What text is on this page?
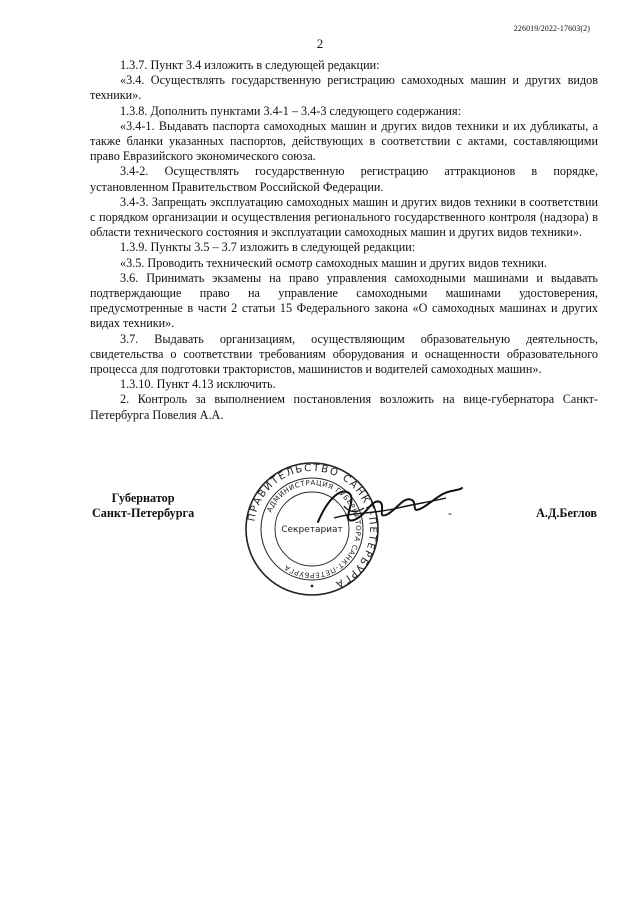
226019/2022-17603(2)
2

1.3.7. Пункт 3.4 изложить в следующей редакции:

«3.4. Осуществлять государственную регистрацию самоходных машин и других видов техники».

1.3.8. Дополнить пунктами 3.4-1 – 3.4-3 следующего содержания:

«3.4-1. Выдавать паспорта самоходных машин и других видов техники и их дубликаты, а также бланки указанных паспортов, действующих в соответствии с актами, составляющими право Евразийского экономического союза.

3.4-2. Осуществлять государственную регистрацию аттракционов в порядке, установленном Правительством Российской Федерации.

3.4-3. Запрещать эксплуатацию самоходных машин и других видов техники в соответствии с порядком организации и осуществления регионального государственного контроля (надзора) в области технического состояния и эксплуатации самоходных машин и других видов техники».

1.3.9. Пункты 3.5 – 3.7 изложить в следующей редакции:

«3.5. Проводить технический осмотр самоходных машин и других видов техники.

3.6. Принимать экзамены на право управления самоходными машинами и выдавать подтверждающие право на управление самоходными машинами удостоверения, предусмотренные в части 2 статьи 15 Федерального закона «О самоходных машинах и других видах техники».

3.7. Выдавать организациям, осуществляющим образовательную деятельность, свидетельства о соответствии требованиям оборудования и оснащенности образовательного процесса для подготовки трактористов, машинистов и водителей самоходных машин».

1.3.10. Пункт 4.13 исключить.

2. Контроль за выполнением постановления возложить на вице-губернатора Санкт-Петербурга Повелия А.А.

Губернатор
Санкт-Петербурга	А.Д.Беглов
-
ПРАВИТЕЛЬСТВО САНКТ-ПЕТЕРБУРГА
АДМИНИСТРАЦИЯ ГУБЕРНАТОРА САНКТ-ПЕТЕРБУРГА
Секретариат
